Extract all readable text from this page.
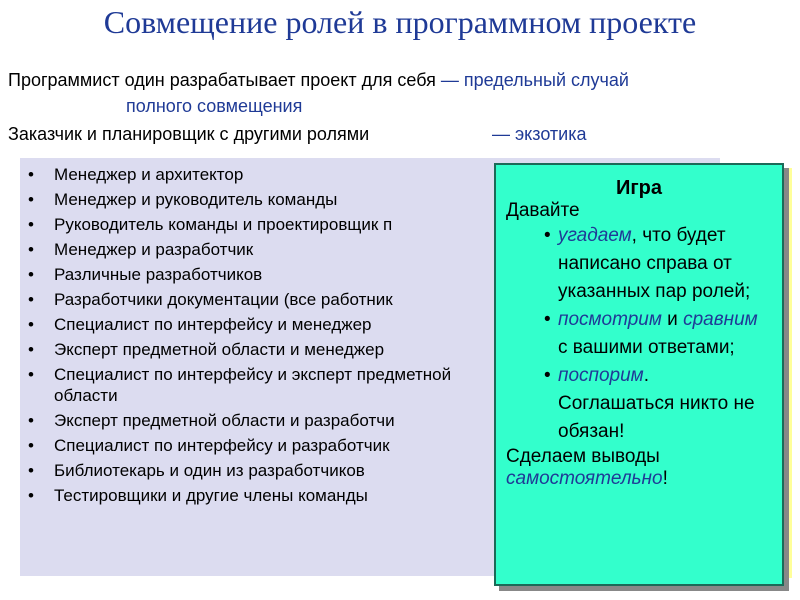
Совмещение ролей в программном проекте
Программист один разрабатывает проект для себя — предельный случай
полного совмещения
Заказчик и планировщик с другими ролями	— экзотика
• Менеджер и архитектор
• Менеджер и руководитель команды
• Руководитель команды и проектировщик п
• Менеджер и разработчик
• Различные разработчиков
• Разработчики документации (все работник
• Специалист по интерфейсу и менеджер
• Эксперт предметной области и менеджер
• Специалист по интерфейсу и эксперт предметной области
• Эксперт предметной области и разработчи
• Специалист по интерфейсу и разработчик
• Библиотекарь и один из разработчиков
• Тестировщики и другие члены команды
Игра
Давайте
• угадаем, что будет написано справа от указанных пар ролей;
• посмотрим и сравним с вашими ответами;
• поспорим. Соглашаться никто не обязан!
Сделаем выводы
самостоятельно!
